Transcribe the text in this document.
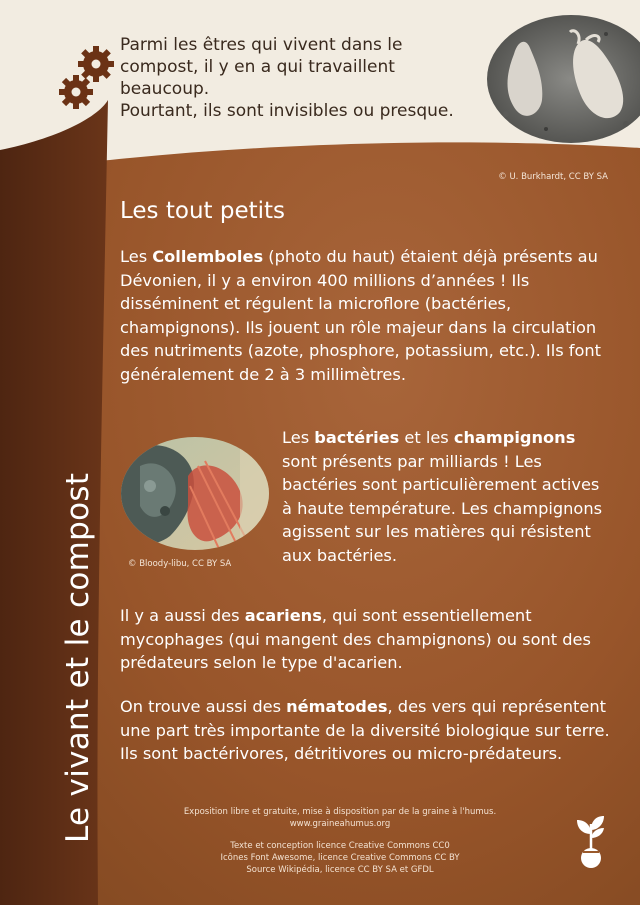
Parmi les êtres qui vivent dans le
compost, il y en a qui travaillent
beaucoup.
Pourtant, ils sont invisibles ou presque.

© U. Burkhardt, CC BY SA
Les tout petits

Les Collemboles (photo du haut) étaient déjà présents au Dévonien, il y a environ 400 millions d’années ! Ils disséminent et régulent la microflore (bactéries, champignons). Ils jouent un rôle majeur dans la circulation des nutriments (azote, phosphore, potassium, etc.). Ils font généralement de 2 à 3 millimètres.

© Bloody-libu, CC BY SA

Les bactéries et les champignons sont présents par milliards ! Les bactéries sont particulièrement actives à haute température. Les champignons agissent sur les matières qui résistent aux bactéries.

Il y a aussi des acariens, qui sont essentiellement mycophages (qui mangent des champignons) ou sont des prédateurs selon le type d'acarien.

On trouve aussi des nématodes, des vers qui représentent une part très importante de la diversité biologique sur terre. Ils sont bactérivores, détritivores ou micro-prédateurs.

Le vivant et le compost	Exposition libre et gratuite, mise à disposition par de la graine à l'humus.
www.graineahumus.org

Texte et conception licence Creative Commons CC0
Icônes Font Awesome, licence Creative Commons CC BY
Source Wikipédia, licence CC BY SA et GFDL
